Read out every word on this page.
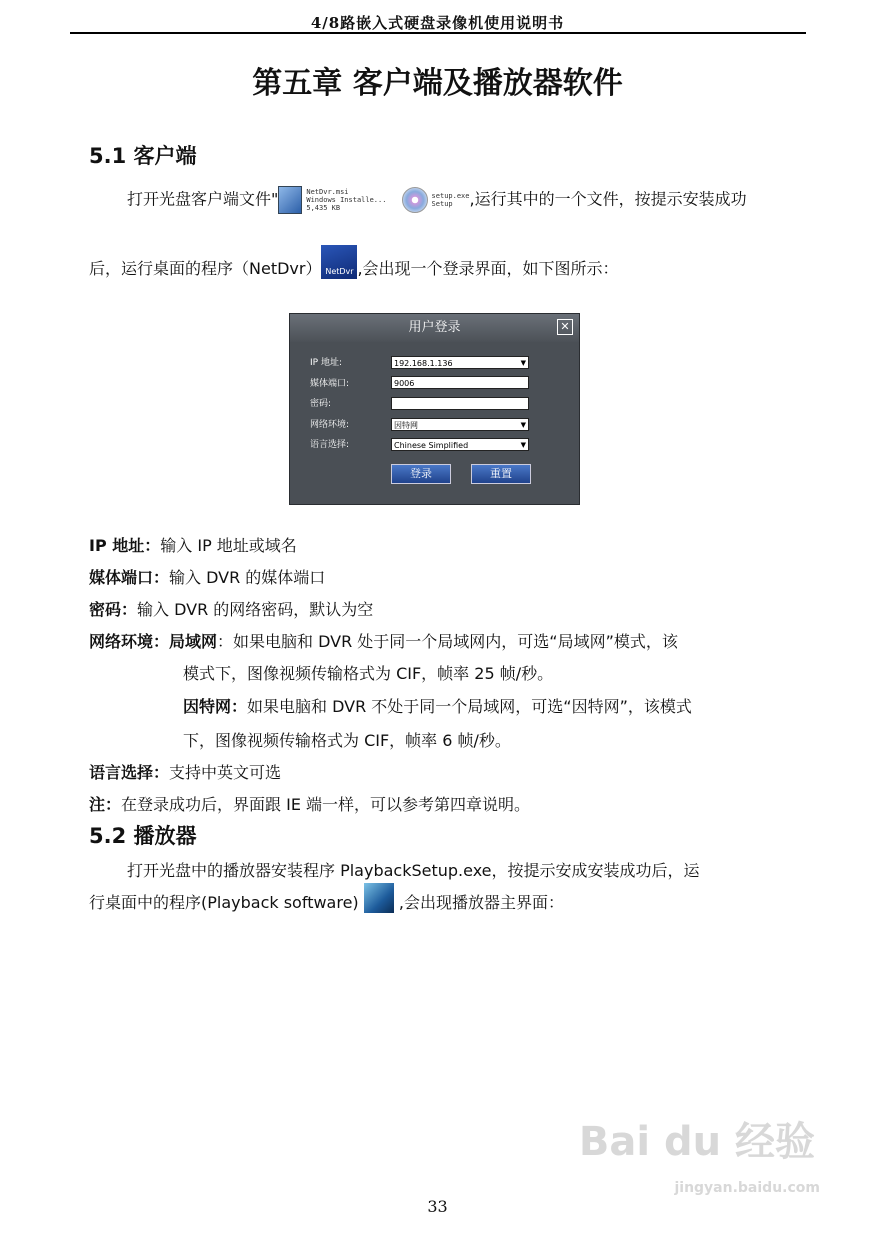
4/8路嵌入式硬盘录像机使用说明书
第五章 客户端及播放器软件
5.1 客户端
打开光盘客户端文件"	NetDvr.msi
Windows Installe...
5,435 KB setup.exe
Setup ,运行其中的一个文件，按提示安装成功
后，运行桌面的程序（NetDvr） NetDvr ,会出现一个登录界面，如下图所示：
用户登录	✕
IP 地址:	192.168.1.136	▼
媒体端口:	9006
密码:
网络环境:	因特网	▼
语言选择:	Chinese Simplified	▼
登录	重置
IP 地址：输入 IP 地址或域名
媒体端口：输入 DVR 的媒体端口
密码：输入 DVR 的网络密码，默认为空
网络环境：局域网：如果电脑和 DVR 处于同一个局域网内，可选“局域网”模式，该
模式下，图像视频传输格式为 CIF，帧率 25 帧/秒。
因特网：如果电脑和 DVR 不处于同一个局域网，可选“因特网”，该模式
下，图像视频传输格式为 CIF，帧率 6 帧/秒。
语言选择：支持中英文可选
注：在登录成功后，界面跟 IE 端一样，可以参考第四章说明。
5.2 播放器
打开光盘中的播放器安装程序 PlaybackSetup.exe，按提示安成安装成功后，运
行桌面中的程序(Playback software)  ,会出现播放器主界面：
Bai du 经验
jingyan.baidu.com
33
